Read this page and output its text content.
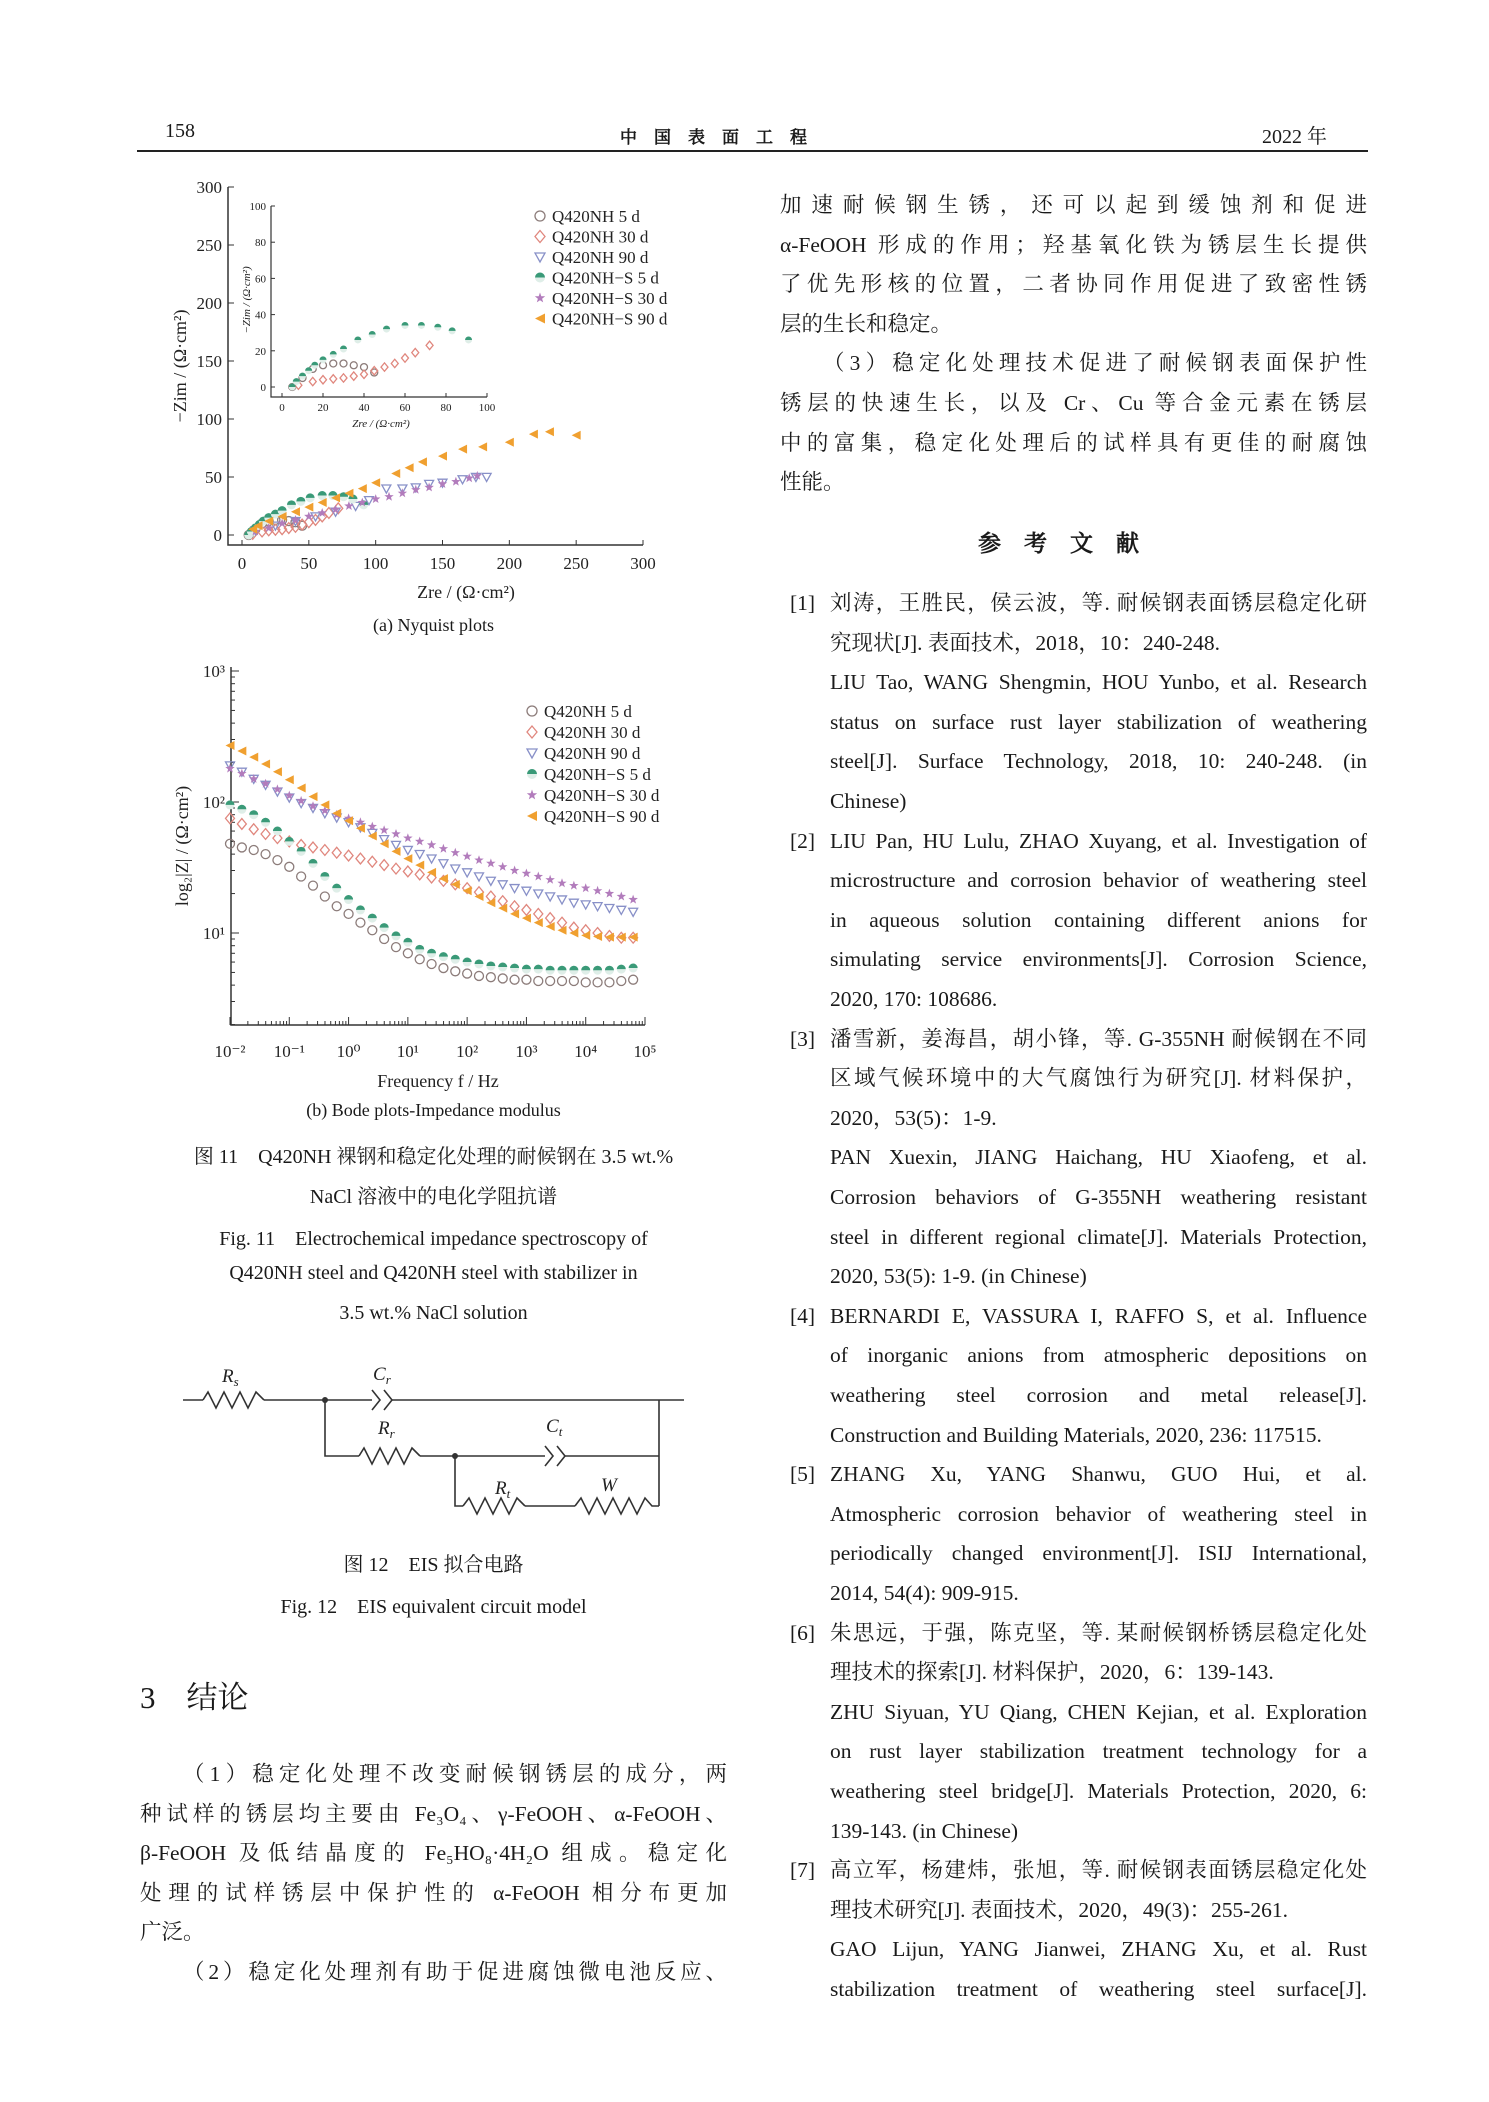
158	中　国　表　面　工　程	2022 年
0	50	100 150 200 250 300
0
50
100
150
200
250
300
Zre / (Ω·cm²)
−Zim / (Ω·cm²)	0	20	40	60	80 100
0
20
40
60
80
100
Zre / (Ω·cm²)
−Zim / (Ω·cm²)
Q420NH 5 d
Q420NH 30 d
Q420NH 90 d
Q420NH−S 5 d
Q420NH−S 30 d
Q420NH−S 90 d
10⁻² 10⁻¹ 10⁰ 10¹ 10² 10³ 10⁴ 10⁵
10¹
10²
10³
Frequency f / Hz
log₂|Z| / (Ω·cm²)
Q420NH 5 d
Q420NH 30 d
Q420NH 90 d
Q420NH−S 5 d
Q420NH−S 30 d
Q420NH−S 90 d
(a) Nyquist plots
(b) Bode plots-Impedance modulus
图 11　Q420NH 裸钢和稳定化处理的耐候钢在 3.5 wt.%
NaCl 溶液中的电化学阻抗谱
Fig. 11　Electrochemical impedance spectroscopy of
Q420NH steel and Q420NH steel with stabilizer in
3.5 wt.% NaCl solution
$R_s$	$C_r$
$R_r$	$C_t$
$R_t$	W
图 12　EIS 拟合电路
Fig. 12　EIS equivalent circuit model
3　结论
（1）稳定化处理不改变耐候钢锈层的成分，两
种试样的锈层均主要由 Fe₃O₄、γ-FeOOH、α-FeOOH、
β-FeOOH 及低结晶度的 Fe₅HO₈·4H₂O 组成。稳定化
处理的试样锈层中保护性的 α-FeOOH 相分布更加
广泛。
（2）稳定化处理剂有助于促进腐蚀微电池反应、
加速耐候钢生锈，还可以起到缓蚀剂和促进
α-FeOOH 形成的作用；羟基氧化铁为锈层生长提供
了优先形核的位置，二者协同作用促进了致密性锈
层的生长和稳定。
（3）稳定化处理技术促进了耐候钢表面保护性
锈层的快速生长，以及 Cr、Cu 等合金元素在锈层
中的富集，稳定化处理后的试样具有更佳的耐腐蚀
性能。
参　考　文　献
[1] 刘涛，王胜民，侯云波，等. 耐候钢表面锈层稳定化研
究现状[J]. 表面技术，2018，10：240-248.
LIU Tao, WANG Shengmin, HOU Yunbo, et al. Research
status on surface rust layer stabilization of weathering
steel[J]. Surface Technology, 2018, 10: 240-248. (in
Chinese)
[2] LIU Pan, HU Lulu, ZHAO Xuyang, et al. Investigation of
microstructure and corrosion behavior of weathering steel
in aqueous solution containing different anions for
simulating service environments[J]. Corrosion Science,
2020, 170: 108686.
[3] 潘雪新，姜海昌，胡小锋，等. G-355NH 耐候钢在不同
区域气候环境中的大气腐蚀行为研究[J]. 材料保护，
2020，53(5)：1-9.
PAN Xuexin, JIANG Haichang, HU Xiaofeng, et al.
Corrosion behaviors of G-355NH weathering resistant
steel in different regional climate[J]. Materials Protection,
2020, 53(5): 1-9. (in Chinese)
[4] BERNARDI E, VASSURA I, RAFFO S, et al. Influence
of inorganic anions from atmospheric depositions on
weathering steel corrosion and metal release[J].
Construction and Building Materials, 2020, 236: 117515.
[5] ZHANG Xu, YANG Shanwu, GUO Hui, et al.
Atmospheric corrosion behavior of weathering steel in
periodically changed environment[J]. ISIJ International,
2014, 54(4): 909-915.
[6] 朱思远，于强，陈克坚，等. 某耐候钢桥锈层稳定化处
理技术的探索[J]. 材料保护，2020，6：139-143.
ZHU Siyuan, YU Qiang, CHEN Kejian, et al. Exploration
on rust layer stabilization treatment technology for a
weathering steel bridge[J]. Materials Protection, 2020, 6:
139-143. (in Chinese)
[7] 高立军，杨建炜，张旭，等. 耐候钢表面锈层稳定化处
理技术研究[J]. 表面技术，2020，49(3)：255-261.
GAO Lijun, YANG Jianwei, ZHANG Xu, et al. Rust
stabilization treatment of weathering steel surface[J].
